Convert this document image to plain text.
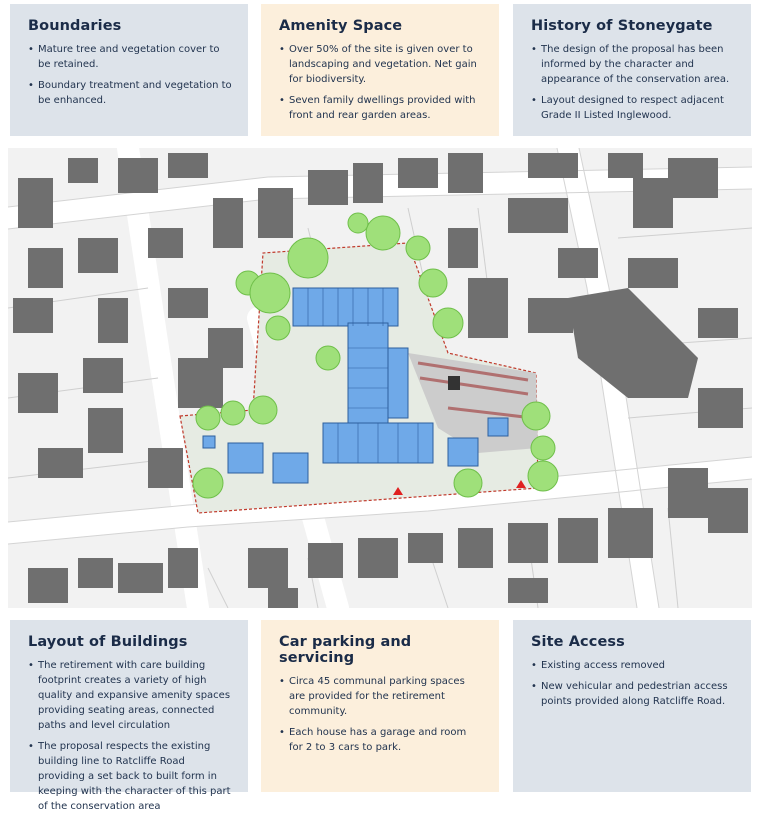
Boundaries
• Mature tree and vegetation cover to be retained.
• Boundary treatment and vegetation to be enhanced.
Amenity Space
• Over 50% of the site is given over to landscaping and vegetation. Net gain for biodiversity.
• Seven family dwellings provided with front and rear garden areas.
History of Stoneygate
• The design of the proposal has been informed by the character and appearance of the conservation area.
• Layout designed to respect adjacent Grade II Listed Inglewood.
Layout of Buildings
• The retirement with care building footprint creates a variety of high quality and expansive amenity spaces providing seating areas, connected paths and level circulation
• The proposal respects the existing building line to Ratcliffe Road providing a set back to built form in keeping with the character of this part of the conservation area
Car parking and servicing
• Circa 45 communal parking spaces are provided for the retirement community.
• Each house has a garage and room for 2 to 3 cars to park.
Site Access
• Existing access removed
• New vehicular and pedestrian access points provided along Ratcliffe Road.
